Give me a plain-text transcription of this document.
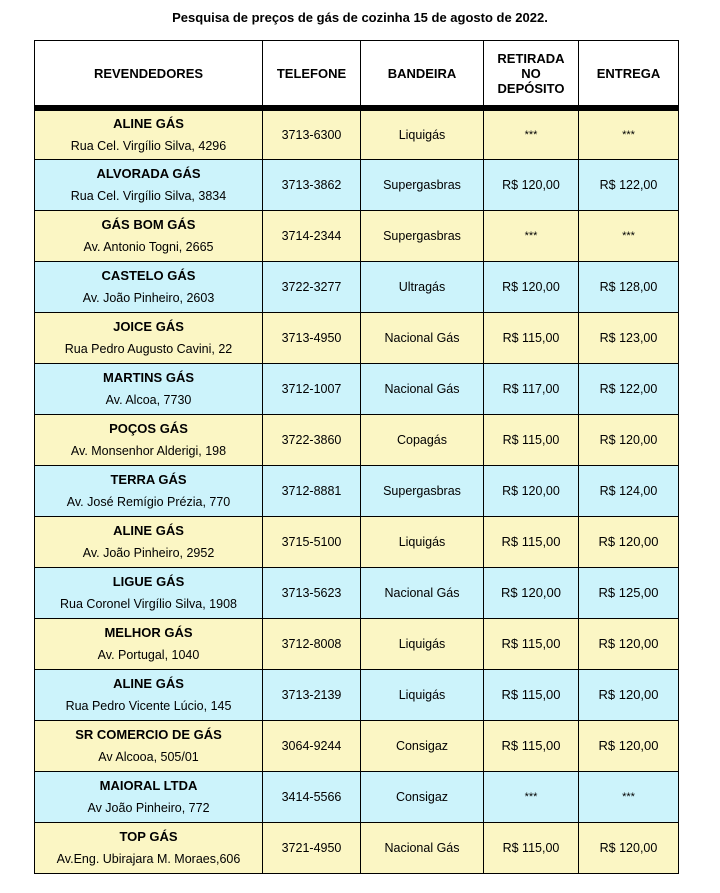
Pesquisa de preços de gás de cozinha 15 de agosto de 2022.
REVENDEDORES	TELEFONE	BANDEIRA	RETIRADA
NO
DEPÓSITO	ENTREGA

ALINE GÁS
Rua Cel. Virgílio Silva, 4296	3713-6300	Liquigás	***	***

ALVORADA GÁS
Rua Cel. Virgílio Silva, 3834	3713-3862	Supergasbras	R$ 120,00	R$ 122,00

GÁS BOM GÁS
Av. Antonio Togni, 2665	3714-2344	Supergasbras	***	***

CASTELO GÁS
Av. João Pinheiro, 2603	3722-3277	Ultragás	R$ 120,00	R$ 128,00

JOICE GÁS
Rua Pedro Augusto Cavini, 22	3713-4950	Nacional Gás	R$ 115,00	R$ 123,00

MARTINS GÁS
Av. Alcoa, 7730	3712-1007	Nacional Gás	R$ 117,00	R$ 122,00

POÇOS GÁS
Av. Monsenhor Alderigi, 198	3722-3860	Copagás	R$ 115,00	R$ 120,00

TERRA GÁS
Av. José Remígio Prézia, 770	3712-8881	Supergasbras	R$ 120,00	R$ 124,00

ALINE GÁS
Av. João Pinheiro, 2952	3715-5100	Liquigás	R$ 115,00	R$ 120,00

LIGUE GÁS
Rua Coronel Virgílio Silva, 1908	3713-5623	Nacional Gás	R$ 120,00	R$ 125,00

MELHOR GÁS
Av. Portugal, 1040	3712-8008	Liquigás	R$ 115,00	R$ 120,00

ALINE GÁS
Rua Pedro Vicente Lúcio, 145	3713-2139	Liquigás	R$ 115,00	R$ 120,00

SR COMERCIO DE GÁS
Av Alcooa, 505/01	3064-9244	Consigaz	R$ 115,00	R$ 120,00

MAIORAL LTDA
Av João Pinheiro, 772	3414-5566	Consigaz	***	***

TOP GÁS
Av.Eng. Ubirajara M. Moraes,606	3721-4950	Nacional Gás	R$ 115,00	R$ 120,00
